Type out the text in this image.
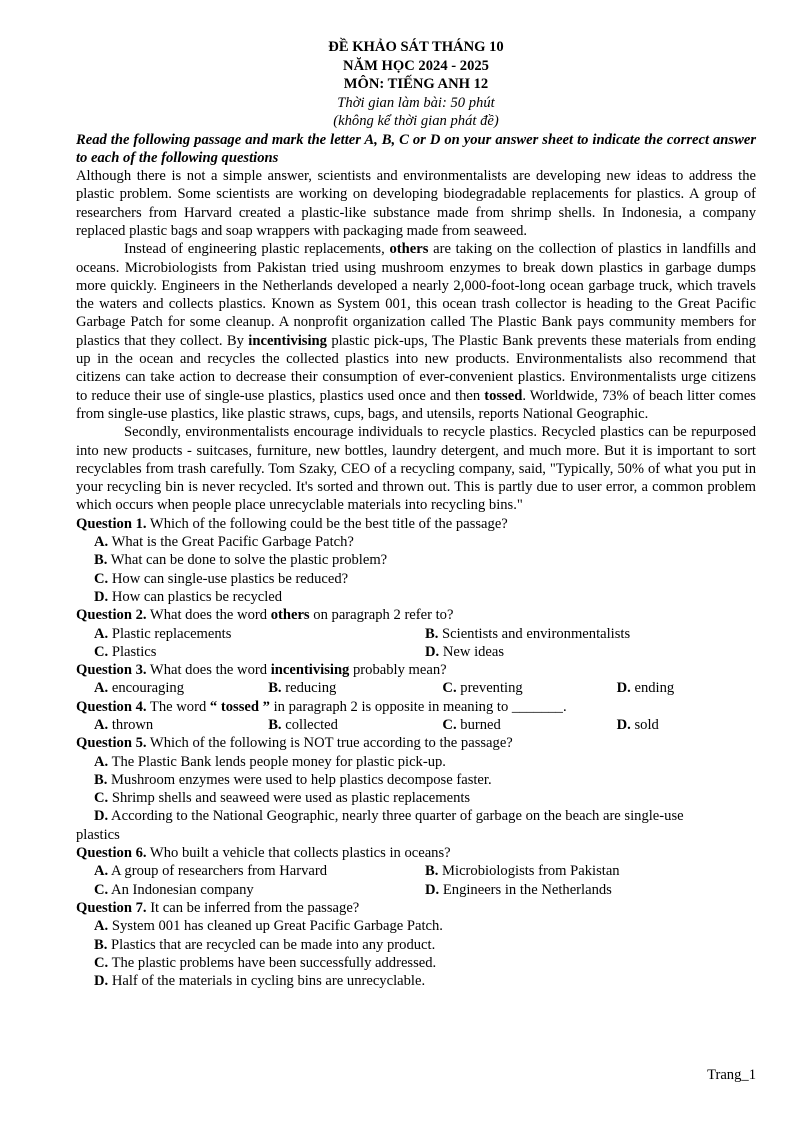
ĐỀ KHẢO SÁT THÁNG 10
NĂM HỌC 2024 - 2025
MÔN: TIẾNG ANH 12
Thời gian làm bài: 50 phút
(không kể thời gian phát đề)
Read the following passage and mark the letter A, B, C or D on your answer sheet to indicate the correct answer to each of the following questions

Although there is not a simple answer, scientists and environmentalists are developing new ideas to address the plastic problem. Some scientists are working on developing biodegradable replacements for plastics. A group of researchers from Harvard created a plastic-like substance made from shrimp shells. In Indonesia, a company replaced plastic bags and soap wrappers with packaging made from seaweed.

Instead of engineering plastic replacements, others are taking on the collection of plastics in landfills and oceans. Microbiologists from Pakistan tried using mushroom enzymes to break down plastics in garbage dumps more quickly. Engineers in the Netherlands developed a nearly 2,000-foot-long ocean garbage truck, which travels the waters and collects plastics. Known as System 001, this ocean trash collector is heading to the Great Pacific Garbage Patch for some cleanup. A nonprofit organization called The Plastic Bank pays community members for plastics that they collect. By incentivising plastic pick-ups, The Plastic Bank prevents these materials from ending up in the ocean and recycles the collected plastics into new products. Environmentalists also recommend that citizens can take action to decrease their consumption of ever-convenient plastics. Environmentalists urge citizens to reduce their use of single-use plastics, plastics used once and then tossed. Worldwide, 73% of beach litter comes from single-use plastics, like plastic straws, cups, bags, and utensils, reports National Geographic.

Secondly, environmentalists encourage individuals to recycle plastics. Recycled plastics can be repurposed into new products - suitcases, furniture, new bottles, laundry detergent, and much more. But it is important to sort recyclables from trash carefully. Tom Szaky, CEO of a recycling company, said, "Typically, 50% of what you put in your recycling bin is never recycled. It's sorted and thrown out. This is partly due to user error, a common problem which occurs when people place unrecyclable materials into recycling bins."

Question 1. Which of the following could be the best title of the passage?
A. What is the Great Pacific Garbage Patch?
B. What can be done to solve the plastic problem?
C. How can single-use plastics be reduced?
D. How can plastics be recycled
Question 2. What does the word others on paragraph 2 refer to?
A. Plastic replacements	B. Scientists and environmentalists
C. Plastics	D. New ideas
Question 3. What does the word incentivising probably mean?
A. encouraging	B. reducing	C. preventing	D. ending
Question 4. The word “ tossed ” in paragraph 2 is opposite in meaning to _______.
A. thrown	B. collected	C. burned	D. sold
Question 5. Which of the following is NOT true according to the passage?
A. The Plastic Bank lends people money for plastic pick-up.
B. Mushroom enzymes were used to help plastics decompose faster.
C. Shrimp shells and seaweed were used as plastic replacements
D. According to the National Geographic, nearly three quarter of garbage on the beach are single-use
plastics
Question 6. Who built a vehicle that collects plastics in oceans?
A. A group of researchers from Harvard	B. Microbiologists from Pakistan
C. An Indonesian company	D. Engineers in the Netherlands
Question 7. It can be inferred from the passage?
A. System 001 has cleaned up Great Pacific Garbage Patch.
B. Plastics that are recycled can be made into any product.
C. The plastic problems have been successfully addressed.
D. Half of the materials in cycling bins are unrecyclable.
Trang_1
